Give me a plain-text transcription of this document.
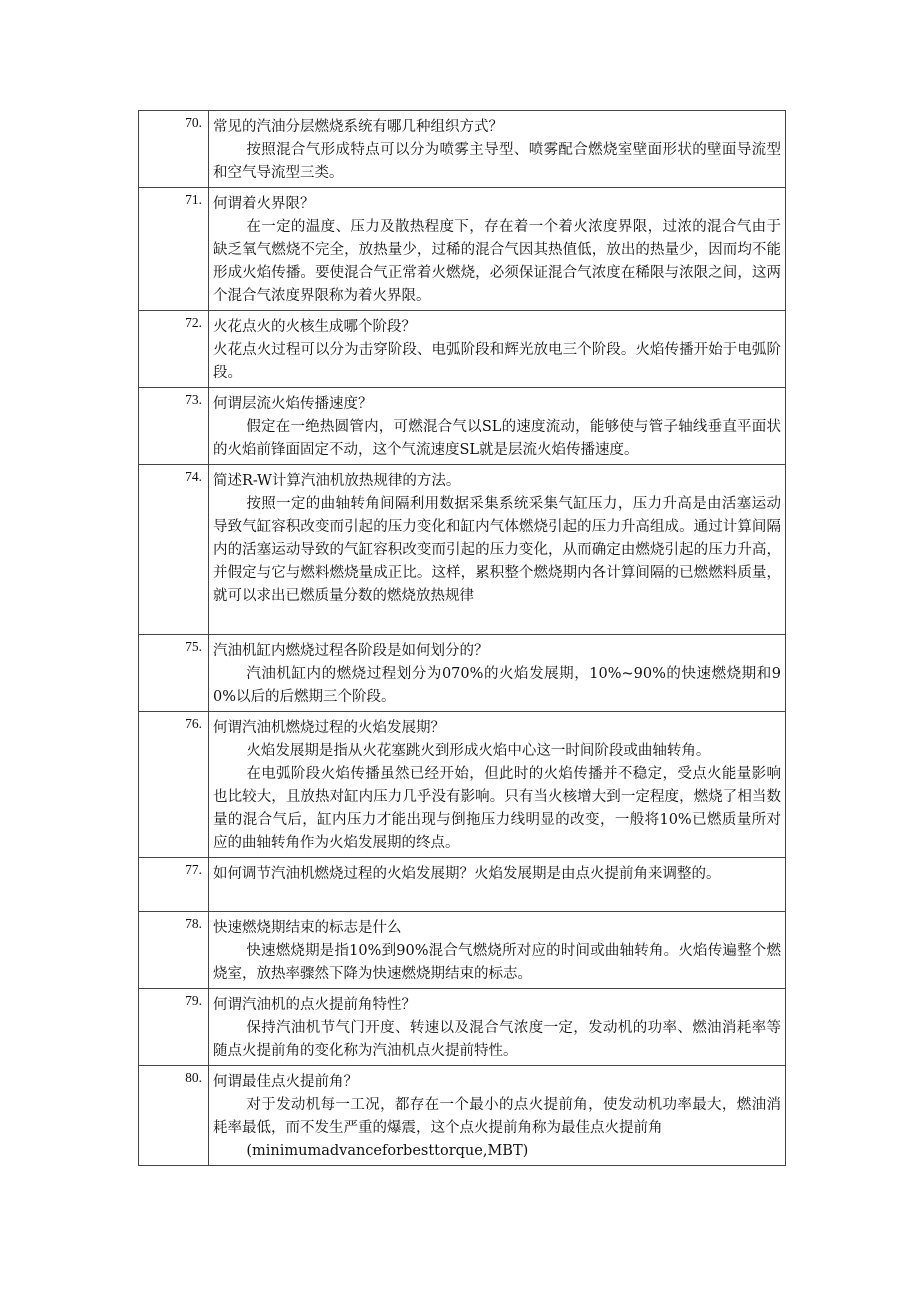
70.	常见的汽油分层燃烧系统有哪几种组织方式？

按照混合气形成特点可以分为喷雾主导型、喷雾配合燃烧室壁面形状的壁面导流型和空气导流型三类。

71.	何谓着火界限？

在一定的温度、压力及散热程度下，存在着一个着火浓度界限，过浓的混合气由于缺乏氧气燃烧不完全，放热量少，过稀的混合气因其热值低，放出的热量少，因而均不能形成火焰传播。要使混合气正常着火燃烧，必须保证混合气浓度在稀限与浓限之间，这两个混合气浓度界限称为着火界限。

72.	火花点火的火核生成哪个阶段？

火花点火过程可以分为击穿阶段、电弧阶段和辉光放电三个阶段。火焰传播开始于电弧阶段。

73.	何谓层流火焰传播速度？

假定在一绝热圆管内，可燃混合气以SL的速度流动，能够使与管子轴线垂直平面状的火焰前锋面固定不动，这个气流速度SL就是层流火焰传播速度。

74.	简述R-W计算汽油机放热规律的方法。

按照一定的曲轴转角间隔利用数据采集系统采集气缸压力，压力升高是由活塞运动导致气缸容积改变而引起的压力变化和缸内气体燃烧引起的压力升高组成。通过计算间隔内的活塞运动导致的气缸容积改变而引起的压力变化，从而确定由燃烧引起的压力升高，并假定与它与燃料燃烧量成正比。这样，累积整个燃烧期内各计算间隔的已燃燃料质量，就可以求出已燃质量分数的燃烧放热规律

75.	汽油机缸内燃烧过程各阶段是如何划分的？

汽油机缸内的燃烧过程划分为070%的火焰发展期，10%~90%的快速燃烧期和90%以后的后燃期三个阶段。

76.	何谓汽油机燃烧过程的火焰发展期？

火焰发展期是指从火花塞跳火到形成火焰中心这一时间阶段或曲轴转角。

在电弧阶段火焰传播虽然已经开始，但此时的火焰传播并不稳定，受点火能量影响也比较大，且放热对缸内压力几乎没有影响。只有当火核增大到一定程度，燃烧了相当数量的混合气后，缸内压力才能出现与倒拖压力线明显的改变，一般将10%已燃质量所对应的曲轴转角作为火焰发展期的终点。

77.	如何调节汽油机燃烧过程的火焰发展期？火焰发展期是由点火提前角来调整的。

78.	快速燃烧期结束的标志是什么

快速燃烧期是指10%到90%混合气燃烧所对应的时间或曲轴转角。火焰传遍整个燃烧室，放热率骤然下降为快速燃烧期结束的标志。

79.	何谓汽油机的点火提前角特性？

保持汽油机节气门开度、转速以及混合气浓度一定，发动机的功率、燃油消耗率等随点火提前角的变化称为汽油机点火提前特性。

80.	何谓最佳点火提前角？

对于发动机每一工况，都存在一个最小的点火提前角，使发动机功率最大，燃油消耗率最低，而不发生严重的爆震，这个点火提前角称为最佳点火提前角

(minimumadvanceforbesttorque,MBT)
